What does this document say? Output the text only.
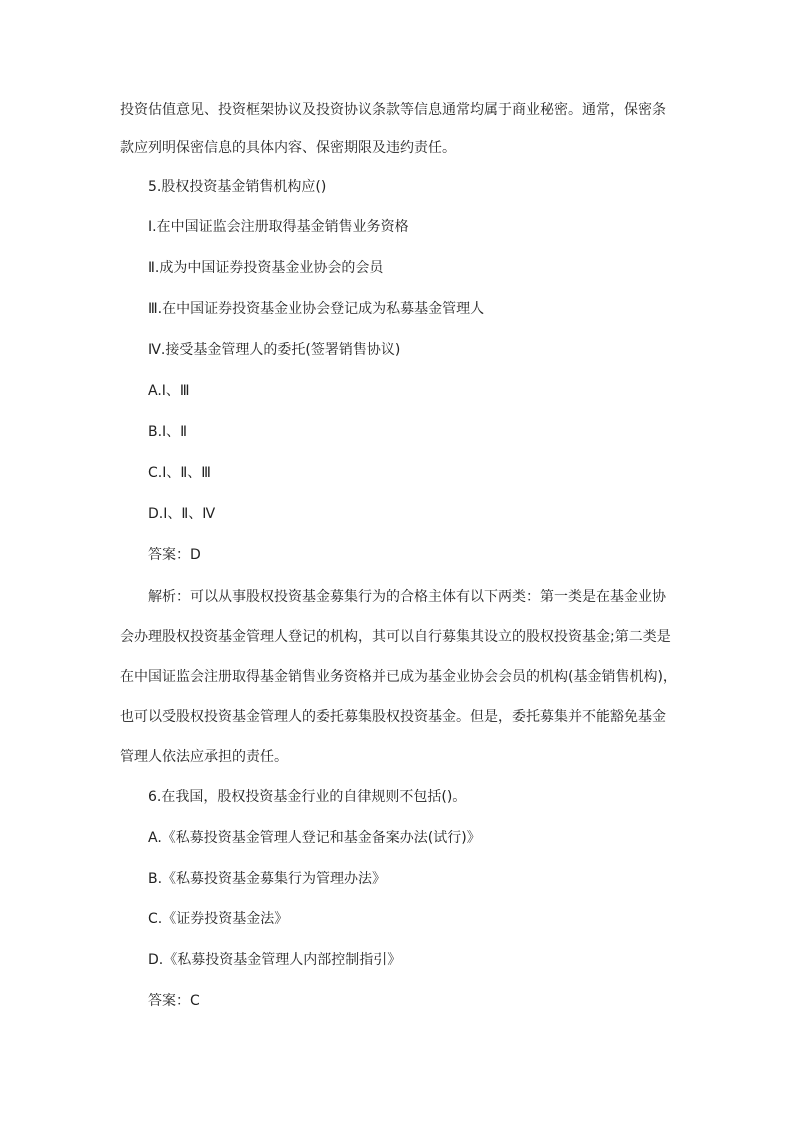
投资估值意见、投资框架协议及投资协议条款等信息通常均属于商业秘密。通常，保密条
款应列明保密信息的具体内容、保密期限及违约责任。
5.股权投资基金销售机构应()
Ⅰ.在中国证监会注册取得基金销售业务资格
Ⅱ.成为中国证券投资基金业协会的会员
Ⅲ.在中国证券投资基金业协会登记成为私募基金管理人
Ⅳ.接受基金管理人的委托(签署销售协议)
A.Ⅰ、Ⅲ
B.Ⅰ、Ⅱ
C.Ⅰ、Ⅱ、Ⅲ
D.Ⅰ、Ⅱ、Ⅳ
答案：D
解析：可以从事股权投资基金募集行为的合格主体有以下两类：第一类是在基金业协
会办理股权投资基金管理人登记的机构，其可以自行募集其设立的股权投资基金;第二类是
在中国证监会注册取得基金销售业务资格并已成为基金业协会会员的机构(基金销售机构)，
也可以受股权投资基金管理人的委托募集股权投资基金。但是，委托募集并不能豁免基金
管理人依法应承担的责任。
6.在我国，股权投资基金行业的自律规则不包括()。
A.《私募投资基金管理人登记和基金备案办法(试行)》
B.《私募投资基金募集行为管理办法》
C.《证券投资基金法》
D.《私募投资基金管理人内部控制指引》
答案：C
